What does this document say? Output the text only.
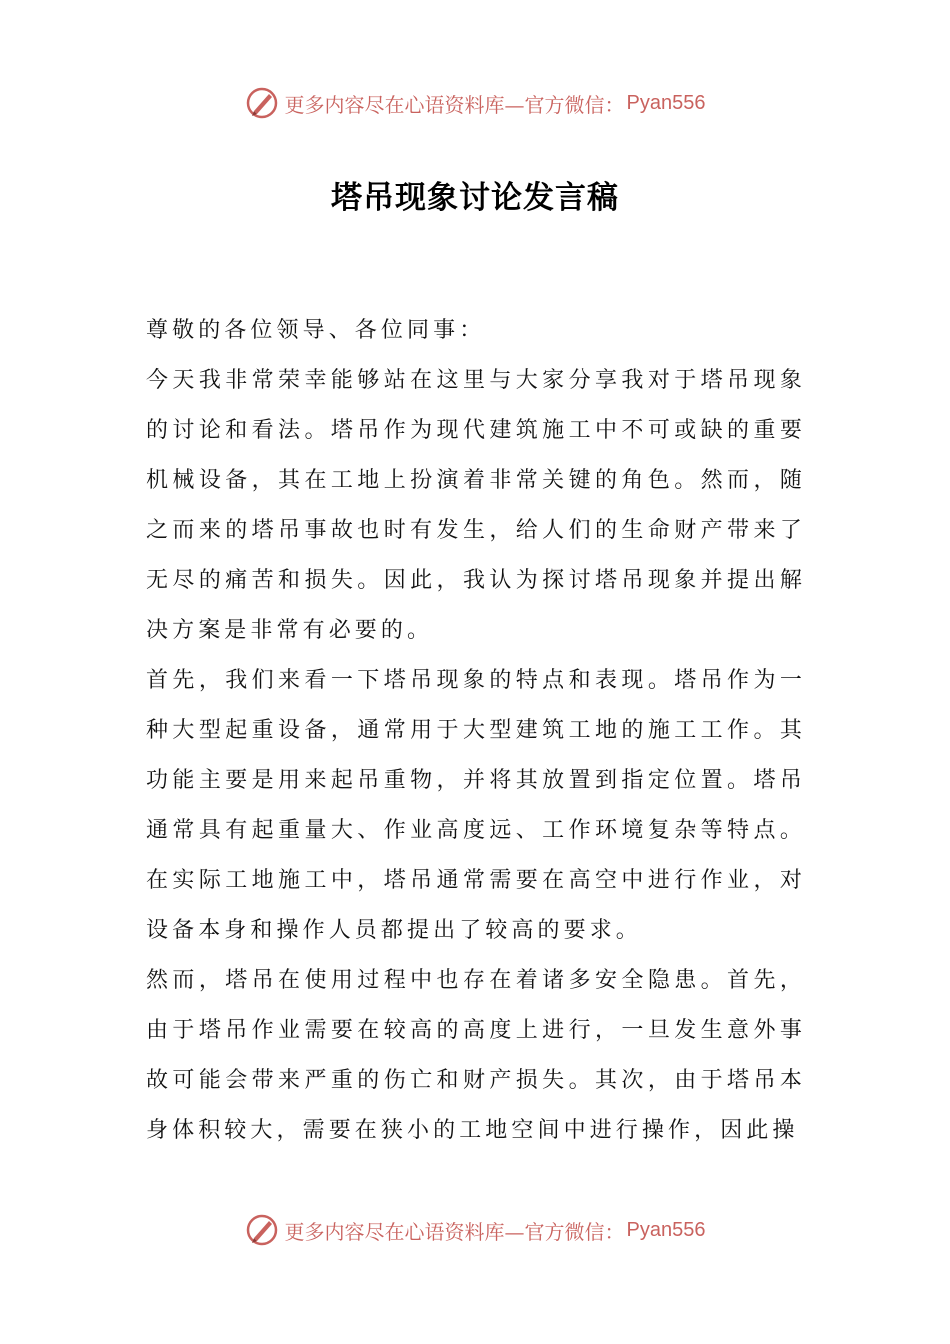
更多内容尽在心语资料库—官方微信： Pyan556
塔吊现象讨论发言稿

尊敬的各位领导、各位同事：

今天我非常荣幸能够站在这里与大家分享我对于塔吊现象的讨论和看法。塔吊作为现代建筑施工中不可或缺的重要机械设备，其在工地上扮演着非常关键的角色。然而，随之而来的塔吊事故也时有发生，给人们的生命财产带来了无尽的痛苦和损失。因此，我认为探讨塔吊现象并提出解决方案是非常有必要的。

首先，我们来看一下塔吊现象的特点和表现。塔吊作为一种大型起重设备，通常用于大型建筑工地的施工工作。其功能主要是用来起吊重物，并将其放置到指定位置。塔吊通常具有起重量大、作业高度远、工作环境复杂等特点。在实际工地施工中，塔吊通常需要在高空中进行作业，对设备本身和操作人员都提出了较高的要求。

然而，塔吊在使用过程中也存在着诸多安全隐患。首先，由于塔吊作业需要在较高的高度上进行，一旦发生意外事故可能会带来严重的伤亡和财产损失。其次，由于塔吊本身体积较大，需要在狭小的工地空间中进行操作，因此操

更多内容尽在心语资料库—官方微信： Pyan556
